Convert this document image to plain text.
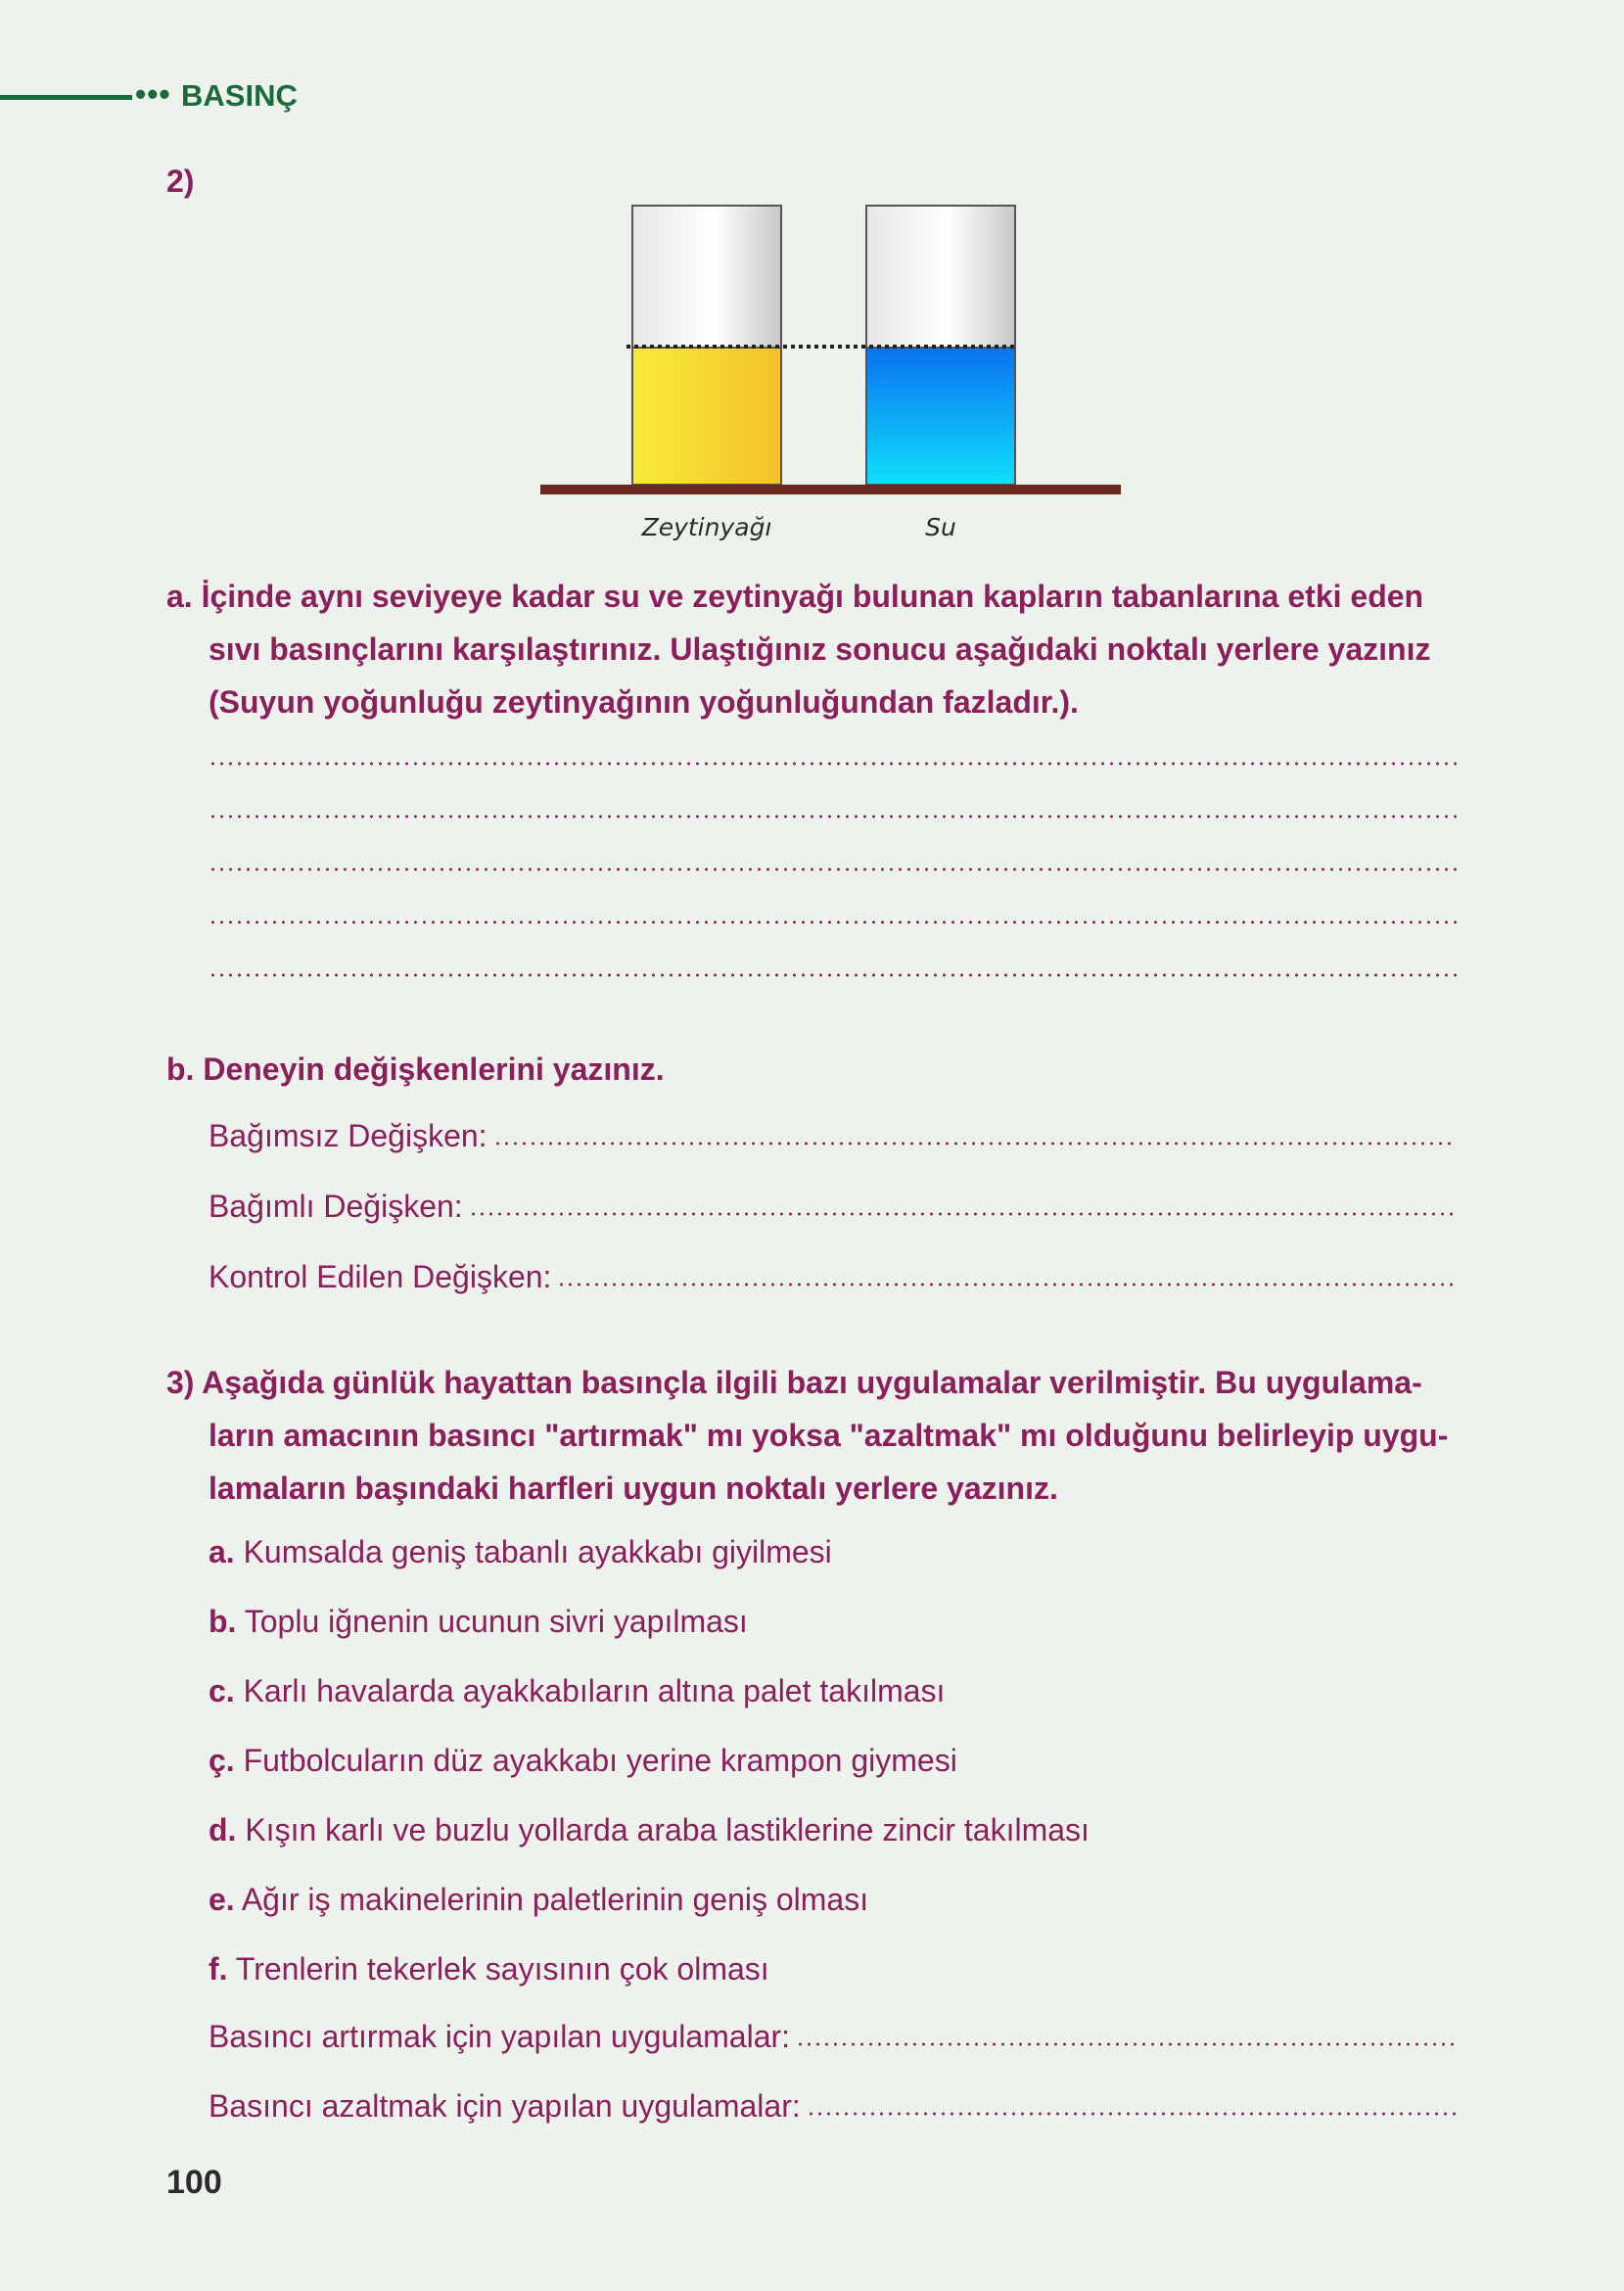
••• BASINÇ
2)
Zeytinyağı	Su
a. İçinde aynı seviyeye kadar su ve zeytinyağı bulunan kapların tabanlarına etki eden
sıvı basınçlarını karşılaştırınız. Ulaştığınız sonucu aşağıdaki noktalı yerlere yazınız
(Suyun yoğunluğu zeytinyağının yoğunluğundan fazladır.).
b. Deneyin değişkenlerini yazınız.
Bağımsız Değişken:
Bağımlı Değişken:
Kontrol Edilen Değişken:
3) Aşağıda günlük hayattan basınçla ilgili bazı uygulamalar verilmiştir. Bu uygulama-
ların amacının basıncı "artırmak" mı yoksa "azaltmak" mı olduğunu belirleyip uygu-
lamaların başındaki harfleri uygun noktalı yerlere yazınız.
a. Kumsalda geniş tabanlı ayakkabı giyilmesi
b. Toplu iğnenin ucunun sivri yapılması
c. Karlı havalarda ayakkabıların altına palet takılması
ç. Futbolcuların düz ayakkabı yerine krampon giymesi
d. Kışın karlı ve buzlu yollarda araba lastiklerine zincir takılması
e. Ağır iş makinelerinin paletlerinin geniş olması
f. Trenlerin tekerlek sayısının çok olması
Basıncı artırmak için yapılan uygulamalar:
Basıncı azaltmak için yapılan uygulamalar:
100
